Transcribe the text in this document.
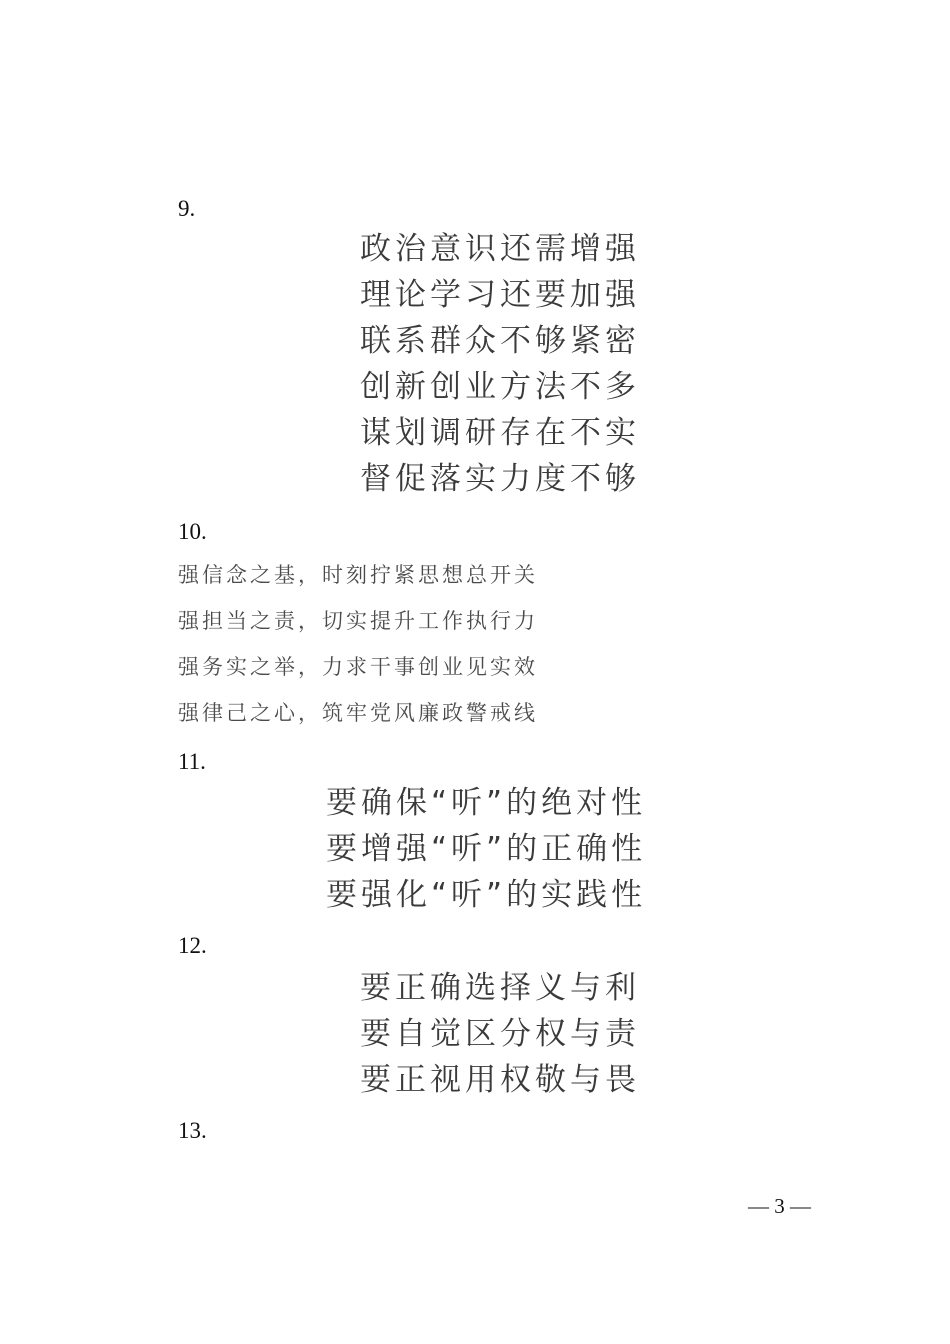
9.
政治意识还需增强
理论学习还要加强
联系群众不够紧密
创新创业方法不多
谋划调研存在不实
督促落实力度不够
10.
强信念之基，时刻拧紧思想总开关
强担当之责，切实提升工作执行力
强务实之举，力求干事创业见实效
强律己之心，筑牢党风廉政警戒线
11.
要确保“听”的绝对性
要增强“听”的正确性
要强化“听”的实践性
12.
要正确选择义与利
要自觉区分权与责
要正视用权敬与畏
13.
— 3 —
